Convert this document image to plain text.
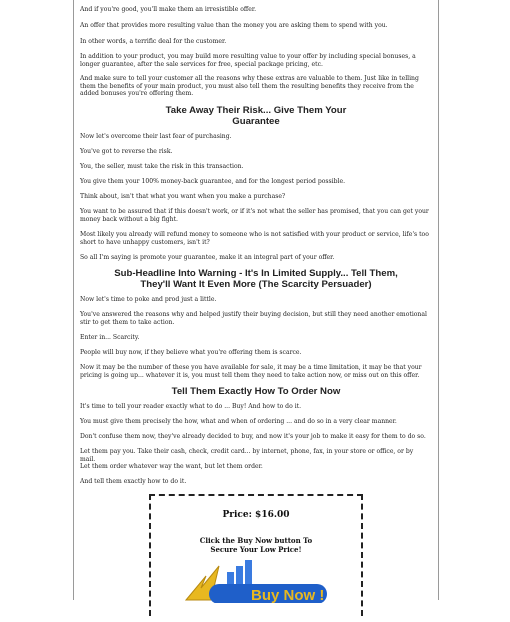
And if you're good, you'll make them an irresistible offer.

An offer that provides more resulting value than the money you are asking them to spend with you.

In other words, a terrific deal for the customer.

In addition to your product, you may build more resulting value to your offer by including special bonuses, a longer guarantee, after the sale services for free, special package pricing, etc.

And make sure to tell your customer all the reasons why these extras are valuable to them. Just like in telling them the benefits of your main product, you must also tell them the resulting benefits they receive from the added bonuses you're offering them.

Take Away Their Risk... Give Them Your Guarantee

Now let's overcome their last fear of purchasing.

You've got to reverse the risk.

You, the seller, must take the risk in this transaction.

You give them your 100% money-back guarantee, and for the longest period possible.

Think about, isn't that what you want when you make a purchase?

You want to be assured that if this doesn't work, or if it's not what the seller has promised, that you can get your money back without a big fight.

Most likely you already will refund money to someone who is not satisfied with your product or service, life's too short to have unhappy customers, isn't it?

So all I'm saying is promote your guarantee, make it an integral part of your offer.

Sub-Headline Into Warning - It's In Limited Supply... Tell Them, They'll Want It Even More (The Scarcity Persuader)

Now let's time to poke and prod just a little.

You've answered the reasons why and helped justify their buying decision, but still they need another emotional stir to get them to take action.

Enter in... Scarcity.

People will buy now, if they believe what you're offering them is scarce.

Now it may be the number of these you have available for sale, it may be a time limitation, it may be that your pricing is going up... whatever it is, you must tell them they need to take action now, or miss out on this offer.

Tell Them Exactly How To Order Now

It's time to tell your reader exactly what to do ... Buy! And how to do it.

You must give them precisely the how, what and when of ordering ... and do so in a very clear manner.

Don't confuse them now, they've already decided to buy, and now it's your job to make it easy for them to do so.

Let them pay you. Take their cash, check, credit card... by internet, phone, fax, in your store or office, or by mail.

Let them order whatever way the want, but let them order.

And tell them exactly how to do it.

Price: $16.00
Click the Buy Now button To Secure Your Low Price!
Buy Now !
